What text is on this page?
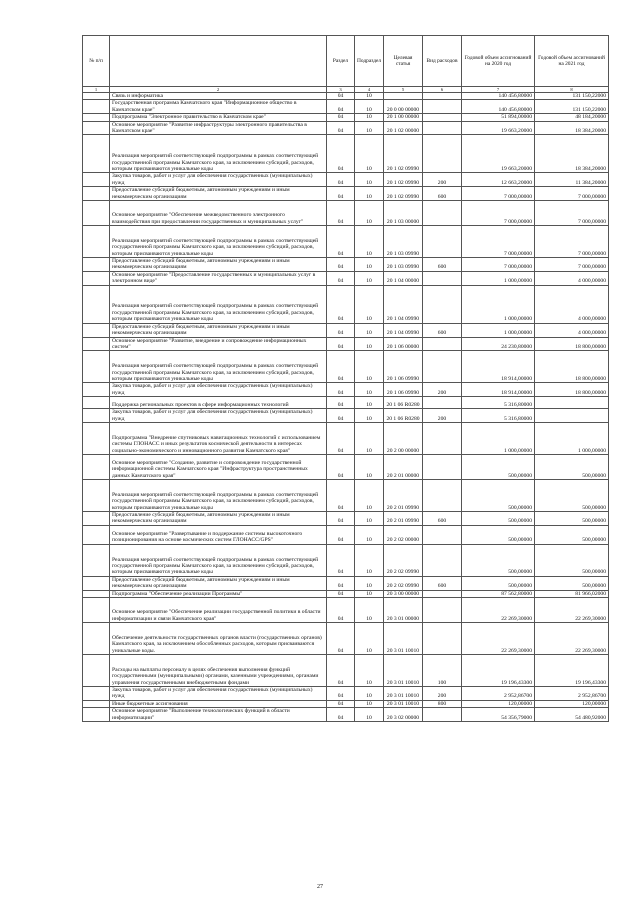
№ п/п		Раздел	Подраздел	Целевая статья	Вид расходов	Годовой объем ассигнований на 2020 год	Годовой объем ассигнований на 2021 год
1	2	3	4	5	6	7	8
	Связь и информатика	04	10			140 456,80000	131 150,22000
	Государственная программа Камчатского края "Информационное общество в Камчатском крае"	04	10	20 0 00 00000		140 456,80000	131 150,22000
	Подпрограмма "Электронное правительство в Камчатском крае"	04	10	20 1 00 00000		51 894,00000	48 184,20000
	Основное мероприятие "Развитие инфраструктуры электронного правительства в Камчатском крае"	04	10	20 1 02 00000		19 663,20000	18 384,20000
	Реализация мероприятий соответствующей подпрограммы в рамках соответствующей государственной программы Камчатского края, за исключением субсидий, расходов, которым присваиваются уникальные коды	04	10	20 1 02 09990		19 663,20000	18 384,20000
	Закупка товаров, работ и услуг для обеспечения государственных (муниципальных) нужд	04	10	20 1 02 09990	200	12 663,20000	11 384,20000
	Предоставление субсидий бюджетным, автономным учреждениям и иным некоммерческим организациям	04	10	20 1 02 09990	600	7 000,00000	7 000,00000
	Основное мероприятие "Обеспечение межведомственного электронного взаимодействия при предоставлении государственных и муниципальных услуг"	04	10	20 1 03 00000		7 000,00000	7 000,00000
	Реализация мероприятий соответствующей подпрограммы в рамках соответствующей государственной программы Камчатского края, за исключением субсидий, расходов, которым присваиваются уникальные коды	04	10	20 1 03 09990		7 000,00000	7 000,00000
	Предоставление субсидий бюджетным, автономным учреждениям и иным некоммерческим организациям	04	10	20 1 03 09990	600	7 000,00000	7 000,00000
	Основное мероприятие "Предоставление государственных и муниципальных услуг в электронном виде"	04	10	20 1 04 00000		1 000,00000	4 000,00000
	Реализация мероприятий соответствующей подпрограммы в рамках соответствующей государственной программы Камчатского края, за исключением субсидий, расходов, которым присваиваются уникальные коды	04	10	20 1 04 09990		1 000,00000	4 000,00000
	Предоставление субсидий бюджетным, автономным учреждениям и иным некоммерческим организациям	04	10	20 1 04 09990	600	1 000,00000	4 000,00000
	Основное мероприятие "Развитие, внедрение и сопровождение информационных систем"	04	10	20 1 06 00000		24 230,80000	18 800,00000
	Реализация мероприятий соответствующей подпрограммы в рамках соответствующей государственной программы Камчатского края, за исключением субсидий, расходов, которым присваиваются уникальные коды	04	10	20 1 06 09990		18 914,00000	18 800,00000
	Закупка товаров, работ и услуг для обеспечения государственных (муниципальных) нужд	04	10	20 1 06 09990	200	18 914,00000	18 800,00000
	Поддержка региональных проектов в сфере информационных технологий	04	10	20 1 06 R0280		5 316,80000	
	Закупка товаров, работ и услуг для обеспечения государственных (муниципальных) нужд	04	10	20 1 06 R0280	200	5 316,80000	
	Подпрограмма "Внедрение спутниковых навигационных технологий с использованием системы ГЛОНАСС и иных результатов космической деятельности в интересах социально-экономического и инновационного развития Камчатского края"	04	10	20 2 00 00000		1 000,00000	1 000,00000
	Основное мероприятие "Создание, развитие и сопровождение государственной информационной системы Камчатского края "Инфраструктура пространственных данных Камчатского края"	04	10	20 2 01 00000		500,00000	500,00000
	Реализация мероприятий соответствующей подпрограммы в рамках соответствующей государственной программы Камчатского края, за исключением субсидий, расходов, которым присваиваются уникальные коды	04	10	20 2 01 09990		500,00000	500,00000
	Предоставление субсидий бюджетным, автономным учреждениям и иным некоммерческим организациям	04	10	20 2 01 09990	600	500,00000	500,00000
	Основное мероприятие "Развертывание и поддержание системы высокоточного позиционирования на основе космических систем ГЛОНАСС/GPS"	04	10	20 2 02 00000		500,00000	500,00000
	Реализация мероприятий соответствующей подпрограммы в рамках соответствующей государственной программы Камчатского края, за исключением субсидий, расходов, которым присваиваются уникальные коды	04	10	20 2 02 09990		500,00000	500,00000
	Предоставление субсидий бюджетным, автономным учреждениям и иным некоммерческим организациям	04	10	20 2 02 09990	600	500,00000	500,00000
	Подпрограмма "Обеспечение реализации Программы"	04	10	20 3 00 00000		87 562,80000	81 966,02000
	Основное мероприятие "Обеспечение реализации государственной политики в области информатизации и связи Камчатского края"	04	10	20 3 01 00000		22 269,30000	22 269,30000
	Обеспечение деятельности государственных органов власти (государственных органов) Камчатского края, за исключением обособленных расходов, которым присваиваются уникальные коды.	04	10	20 3 01 10010		22 269,30000	22 269,30000
	Расходы на выплаты персоналу в целях обеспечения выполнения функций государственными (муниципальными) органами, казенными учреждениями, органами управления государственными внебюджетными фондами	04	10	20 3 01 10010	100	19 196,43300	19 196,43300
	Закупка товаров, работ и услуг для обеспечения государственных (муниципальных) нужд	04	10	20 3 01 10010	200	2 952,86700	2 952,86700
	Иные бюджетные ассигнования	04	10	20 3 01 10010	800	120,00000	120,00000
	Основное мероприятие "Выполнение технологических функций в области информатизации"	04	10	20 3 02 00000		54 356,79000	54 480,92000
27
